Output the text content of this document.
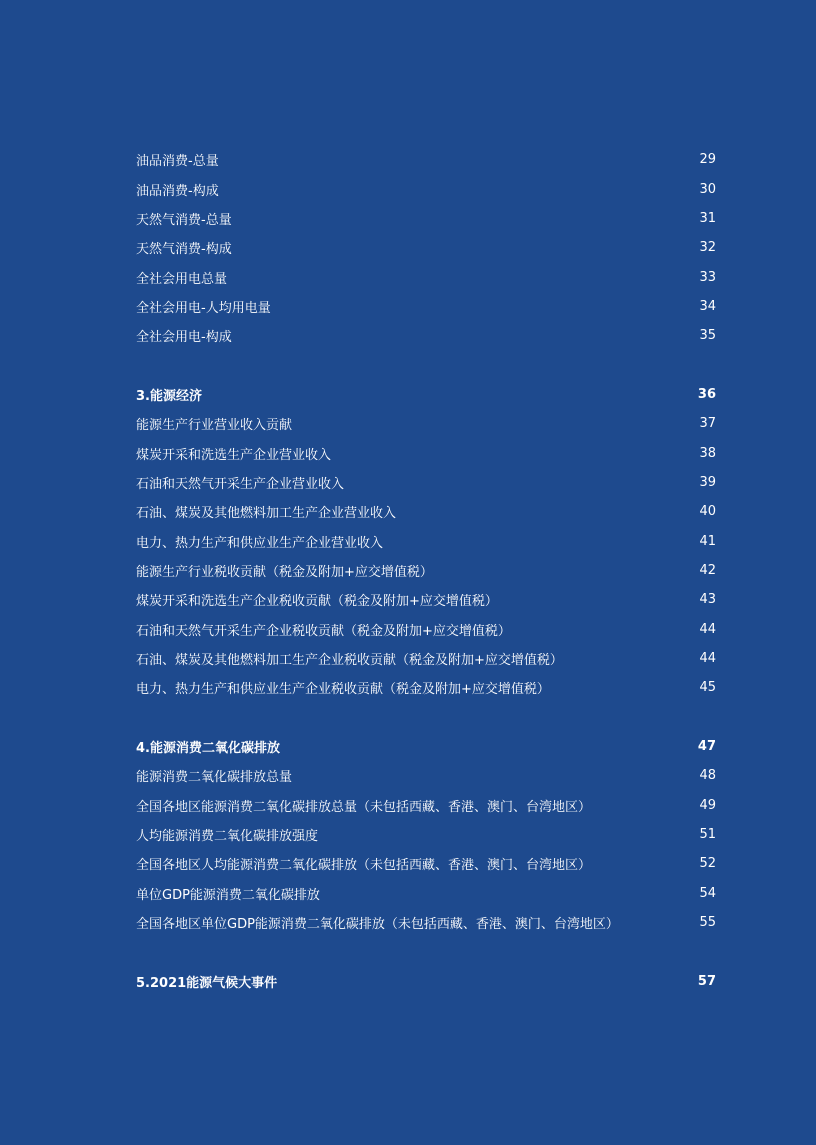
油品消费-总量	29
油品消费-构成	30
天然气消费-总量	31
天然气消费-构成	32
全社会用电总量	33
全社会用电-人均用电量	34
全社会用电-构成	35
3.能源经济	36
能源生产行业营业收入贡献	37
煤炭开采和洗选生产企业营业收入	38
石油和天然气开采生产企业营业收入	39
石油、煤炭及其他燃料加工生产企业营业收入	40
电力、热力生产和供应业生产企业营业收入	41
能源生产行业税收贡献（税金及附加+应交增值税）	42
煤炭开采和洗选生产企业税收贡献（税金及附加+应交增值税）	43
石油和天然气开采生产企业税收贡献（税金及附加+应交增值税）	44
石油、煤炭及其他燃料加工生产企业税收贡献（税金及附加+应交增值税）	44
电力、热力生产和供应业生产企业税收贡献（税金及附加+应交增值税）	45
4.能源消费二氧化碳排放	47
能源消费二氧化碳排放总量	48
全国各地区能源消费二氧化碳排放总量（未包括西藏、香港、澳门、台湾地区）	49
人均能源消费二氧化碳排放强度	51
全国各地区人均能源消费二氧化碳排放（未包括西藏、香港、澳门、台湾地区）	52
单位GDP能源消费二氧化碳排放	54
全国各地区单位GDP能源消费二氧化碳排放（未包括西藏、香港、澳门、台湾地区）	55
5.2021能源气候大事件	57
